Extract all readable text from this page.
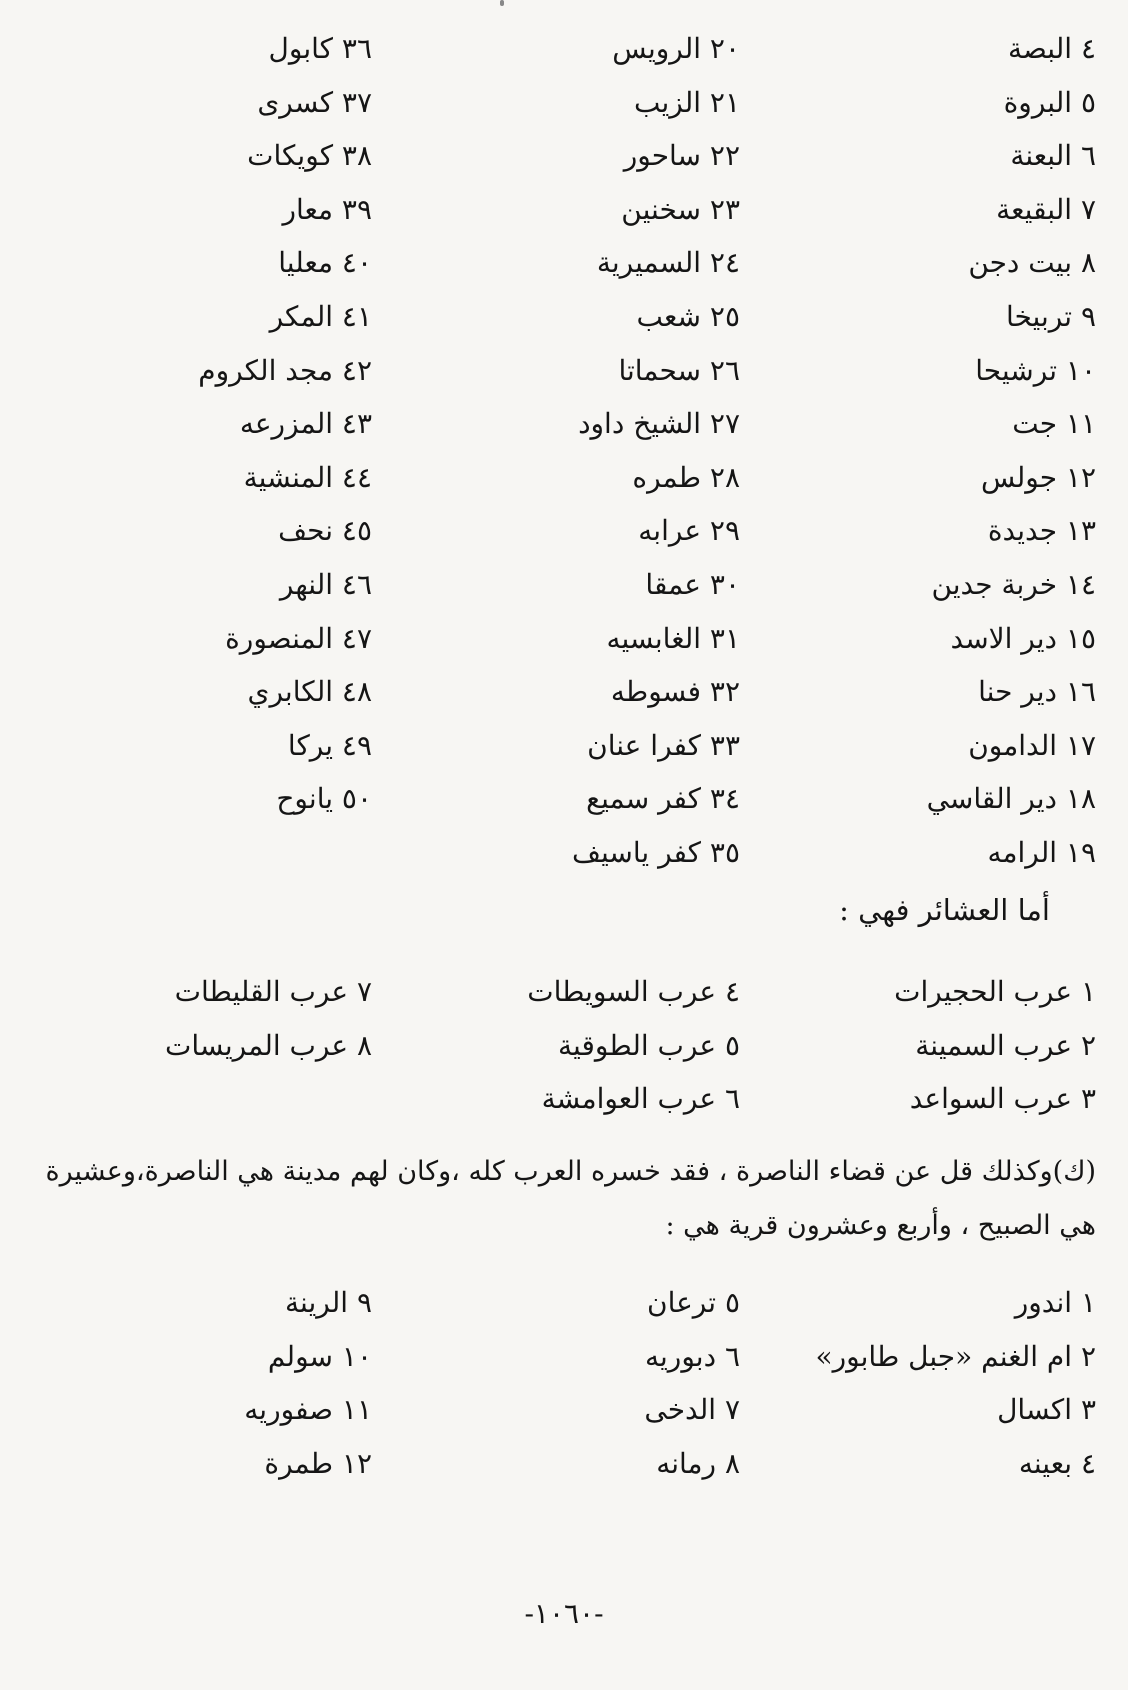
٤ البصة
٥ البروة
٦ البعنة
٧ البقيعة
٨ بيت دجن
٩ تربيخا
١٠ ترشيحا
١١ جت
١٢ جولس
١٣ جديدة
١٤ خربة جدين
١٥ دير الاسد
١٦ دير حنا
١٧ الدامون
١٨ دير القاسي
١٩ الرامه
٢٠ الرويس
٢١ الزيب
٢٢ ساحور
٢٣ سخنين
٢٤ السميرية
٢٥ شعب
٢٦ سحماتا
٢٧ الشيخ داود
٢٨ طمره
٢٩ عرابه
٣٠ عمقا
٣١ الغابسيه
٣٢ فسوطه
٣٣ كفرا عنان
٣٤ كفر سميع
٣٥ كفر ياسيف
٣٦ كابول
٣٧ كسرى
٣٨ كويكات
٣٩ معار
٤٠ معليا
٤١ المكر
٤٢ مجد الكروم
٤٣ المزرعه
٤٤ المنشية
٤٥ نحف
٤٦ النهر
٤٧ المنصورة
٤٨ الكابري
٤٩ يركا
٥٠ يانوح
أما العشائر فهي :
١ عرب الحجيرات
٢ عرب السمينة
٣ عرب السواعد
٤ عرب السويطات
٥ عرب الطوقية
٦ عرب العوامشة
٧ عرب القليطات
٨ عرب المريسات
(ك)وكذلك قل عن قضاء الناصرة ، فقد خسره العرب كله ،وكان لهم مدينة هي الناصرة،وعشيرة
هي الصبيح ، وأربع وعشرون قرية هي :
١ اندور
٢ ام الغنم «جبل طابور»
٣ اكسال
٤ بعينه
٥ ترعان
٦ دبوريه
٧ الدخى
٨ رمانه
٩ الرينة
١٠ سولم
١١ صفوريه
١٢ طمرة
-١٠٦٠-
